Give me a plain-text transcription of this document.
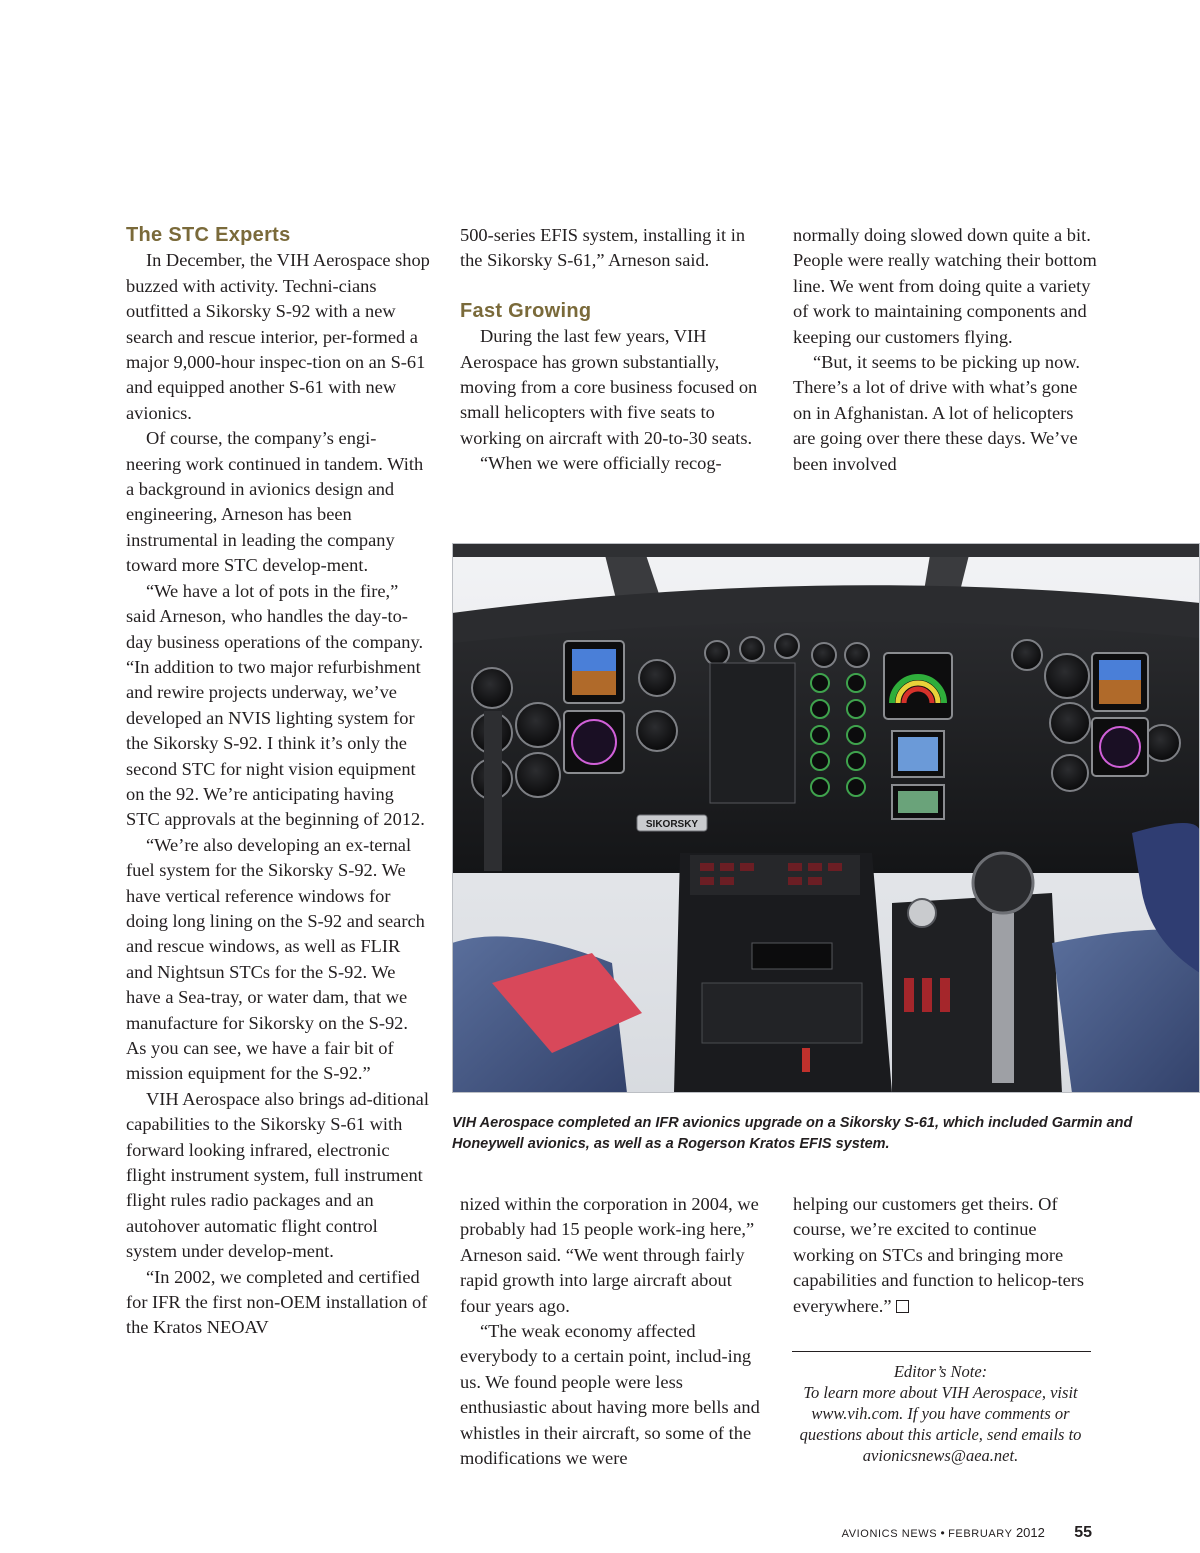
The STC Experts

In December, the VIH Aerospace shop buzzed with activity. Techni-cians outfitted a Sikorsky S-92 with a new search and rescue interior, per-formed a major 9,000-hour inspec-tion on an S-61 and equipped another S-61 with new avionics.

Of course, the company’s engi-neering work continued in tandem. With a background in avionics design and engineering, Arneson has been instrumental in leading the company toward more STC develop-ment.

“We have a lot of pots in the fire,” said Arneson, who handles the day-to-day business operations of the company. “In addition to two major refurbishment and rewire projects underway, we’ve developed an NVIS lighting system for the Sikorsky S-92. I think it’s only the second STC for night vision equipment on the 92. We’re anticipating having STC approvals at the beginning of 2012.

“We’re also developing an ex-ternal fuel system for the Sikorsky S-92. We have vertical reference windows for doing long lining on the S-92 and search and rescue windows, as well as FLIR and Nightsun STCs for the S-92. We have a Sea-tray, or water dam, that we manufacture for Sikorsky on the S-92. As you can see, we have a fair bit of mission equipment for the S-92.”

VIH Aerospace also brings ad-ditional capabilities to the Sikorsky S-61 with forward looking infrared, electronic flight instrument system, full instrument flight rules radio packages and an autohover automatic flight control system under develop-ment.

“In 2002, we completed and certified for IFR the first non-OEM installation of the Kratos NEOAV

500-series EFIS system, installing it in the Sikorsky S-61,” Arneson said.

Fast Growing

During the last few years, VIH Aerospace has grown substantially, moving from a core business focused on small helicopters with five seats to working on aircraft with 20-to-30 seats.

“When we were officially recog-

normally doing slowed down quite a bit. People were really watching their bottom line. We went from doing quite a variety of work to maintaining components and keeping our customers flying.

“But, it seems to be picking up now. There’s a lot of drive with what’s gone on in Afghanistan. A lot of helicopters are going over there these days. We’ve been involved

SIKORSKY
VIH Aerospace completed an IFR avionics upgrade on a Sikorsky S-61, which included Garmin and Honeywell avionics, as well as a Rogerson Kratos EFIS system.

nized within the corporation in 2004, we probably had 15 people work-ing here,” Arneson said. “We went through fairly rapid growth into large aircraft about four years ago.

“The weak economy affected everybody to a certain point, includ-ing us. We found people were less enthusiastic about having more bells and whistles in their aircraft, so some of the modifications we were

helping our customers get theirs. Of course, we’re excited to continue working on STCs and bringing more capabilities and function to helicop-ters everywhere.”

Editor’s Note:
To learn more about VIH Aerospace, visit www.vih.com. If you have comments or questions about this article, send emails to avionicsnews@aea.net.
AVIONICS NEWS • FEBRUARY 2012 55
